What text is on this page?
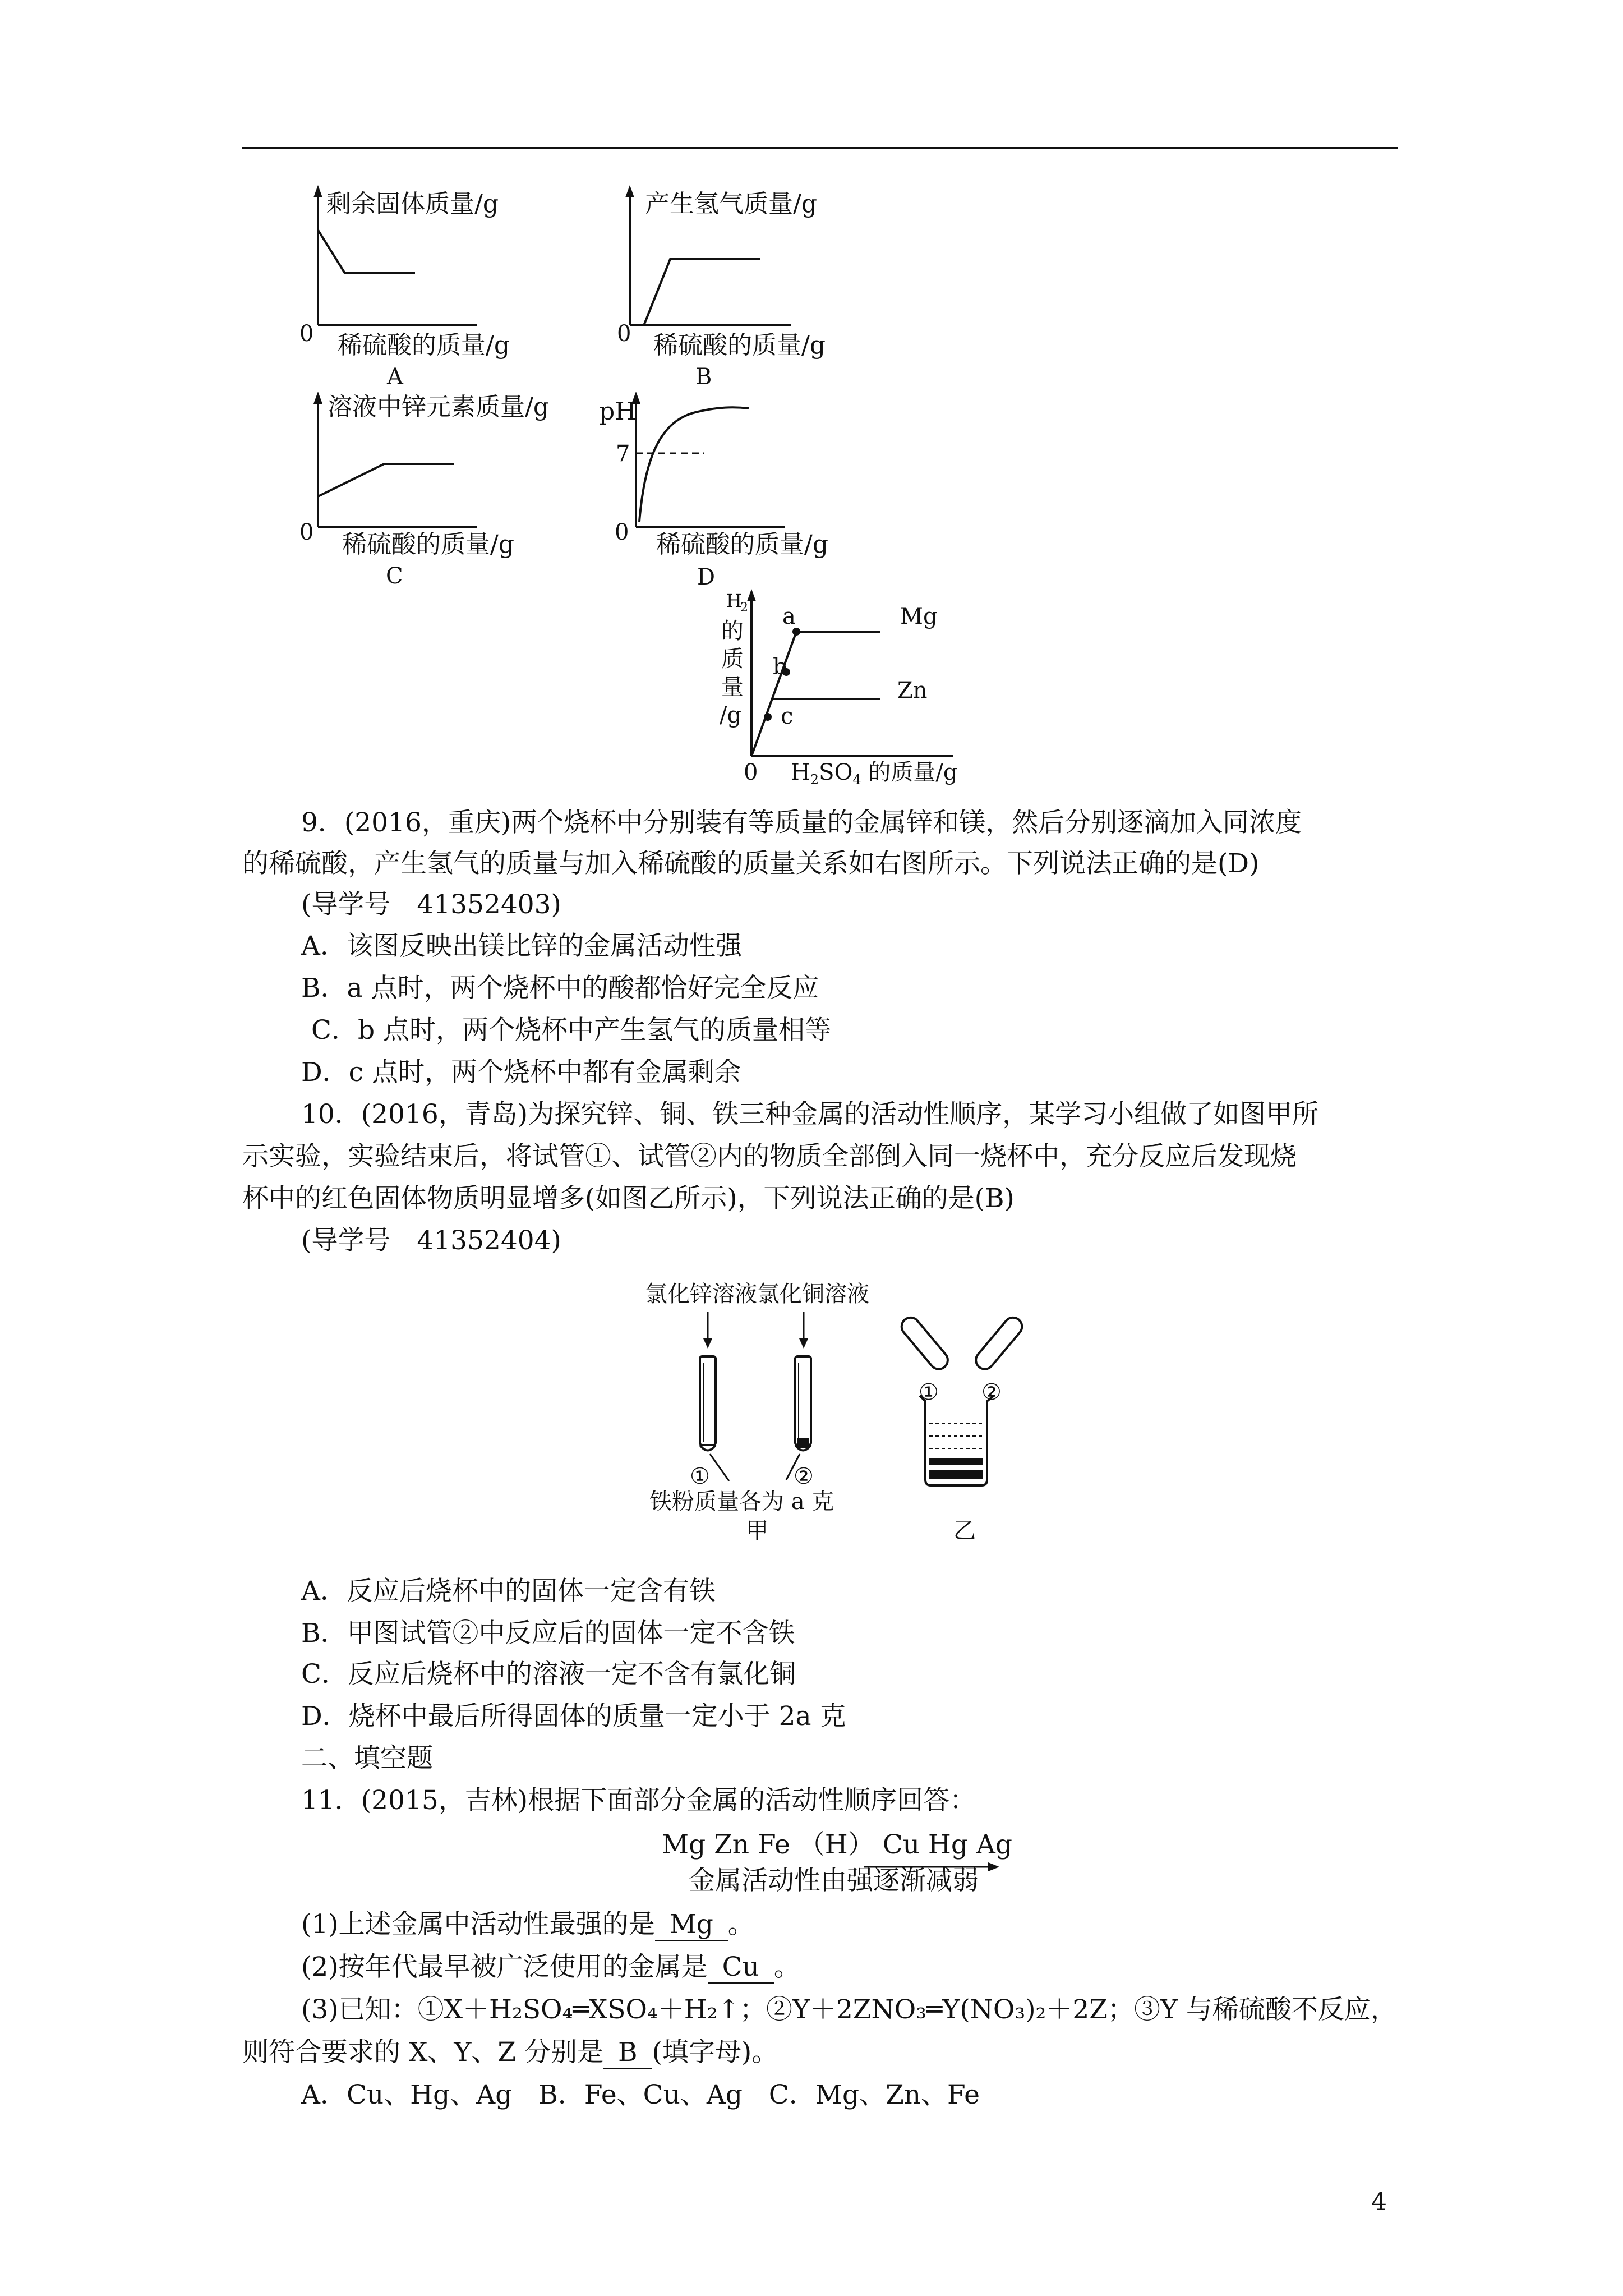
剩余固体质量/g
0 稀硫酸的质量/g
A
产生氢气质量/g
0 稀硫酸的质量/g
B
溶液中锌元素质量/g
0 稀硫酸的质量/g
C
pH
7
0 稀硫酸的质量/g
D
a
b
c
Mg
Zn
H
2
的
质
量
/g
0 $H_2SO_4$ 的质量/g
9．(2016，重庆)两个烧杯中分别装有等质量的金属锌和镁，然后分别逐滴加入同浓度
的稀硫酸，产生氢气的质量与加入稀硫酸的质量关系如右图所示。下列说法正确的是(D)
(导学号　41352403)
A．该图反映出镁比锌的金属活动性强
B．a 点时，两个烧杯中的酸都恰好完全反应
C．b 点时，两个烧杯中产生氢气的质量相等
D．c 点时，两个烧杯中都有金属剩余
10．(2016，青岛)为探究锌、铜、铁三种金属的活动性顺序，某学习小组做了如图甲所
示实验，实验结束后，将试管①、试管②内的物质全部倒入同一烧杯中，充分反应后发现烧
杯中的红色固体物质明显增多(如图乙所示)，下列说法正确的是(B)
(导学号　41352404)
氯化锌溶液 氯化铜溶液
①	②
铁粉质量各为 a 克
甲
① ②
乙
A．反应后烧杯中的固体一定含有铁
B．甲图试管②中反应后的固体一定不含铁
C．反应后烧杯中的溶液一定不含有氯化铜
D．烧杯中最后所得固体的质量一定小于 2a 克
二、填空题
11．(2015，吉林)根据下面部分金属的活动性顺序回答：
Mg Zn Fe （H） Cu Hg Ag
金属活动性由强逐渐减弱
(1)上述金属中活动性最强的是 Mg 。
(2)按年代最早被广泛使用的金属是 Cu 。
(3)已知：①X＋H₂SO₄═XSO₄＋H₂↑；②Y＋2ZNO₃═Y(NO₃)₂＋2Z；③Y 与稀硫酸不反应，
则符合要求的 X、Y、Z 分别是 B (填字母)。
A．Cu、Hg、Ag　B．Fe、Cu、Ag　C．Mg、Zn、Fe
4
